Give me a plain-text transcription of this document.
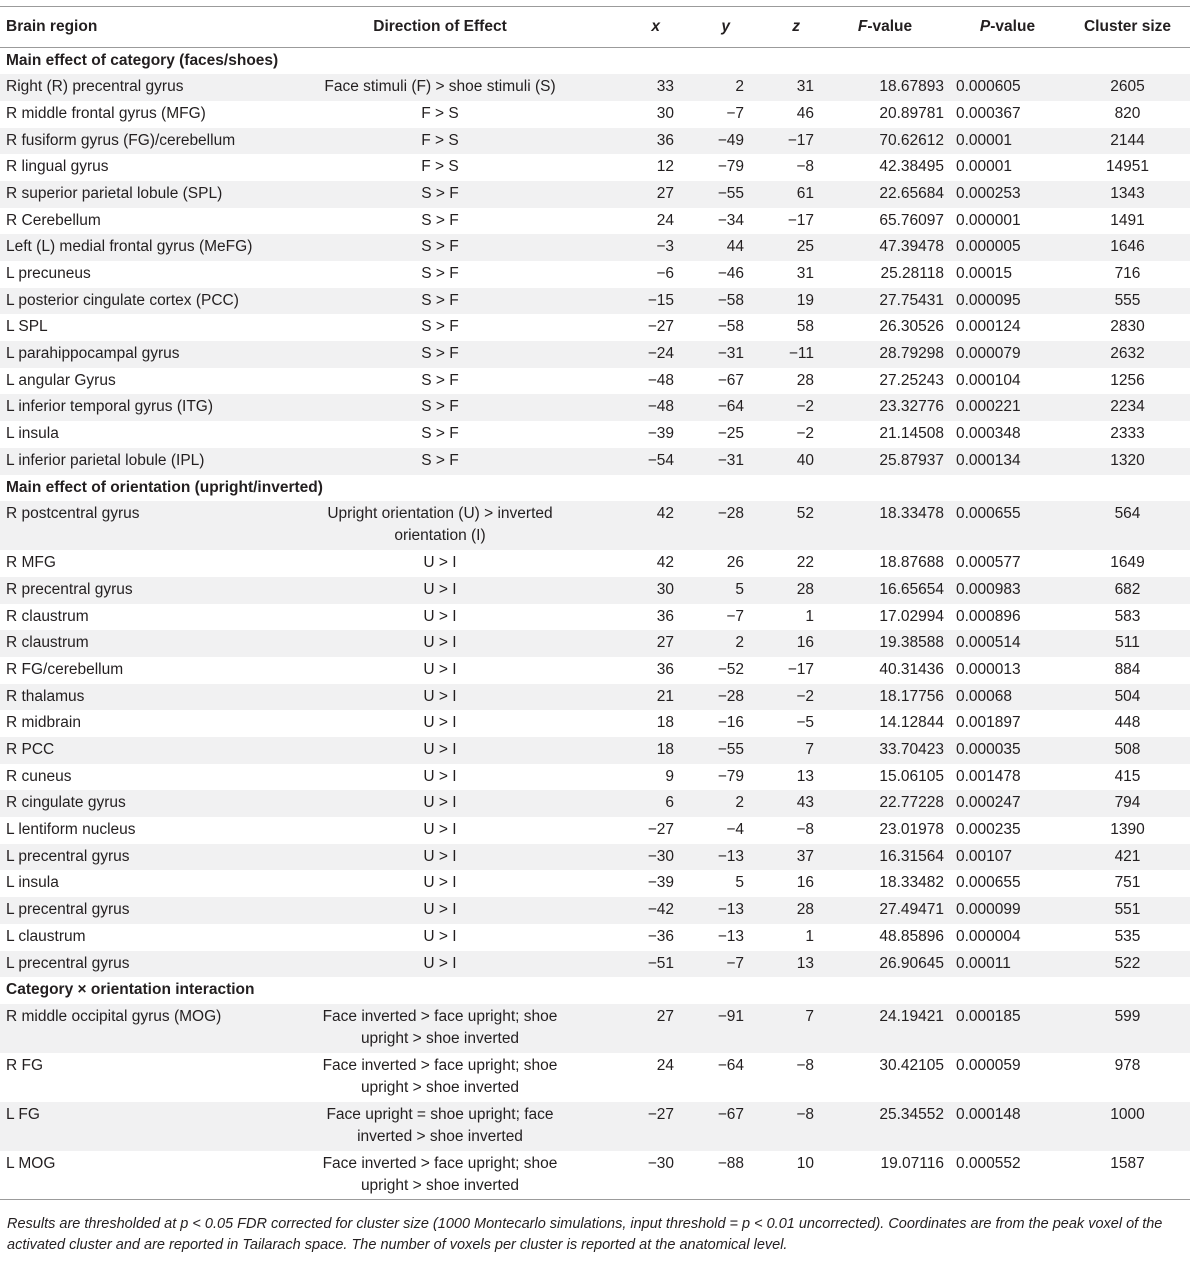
Brain region	Direction of Effect	x	y	z	F-value	P-value	Cluster size
Main effect of category (faces/shoes)							
Right (R) precentral gyrus	Face stimuli (F) > shoe stimuli (S)	33	2	31	18.67893	0.000605	2605
R middle frontal gyrus (MFG)	F > S	30	−7	46	20.89781	0.000367	820
R fusiform gyrus (FG)/cerebellum	F > S	36	−49	−17	70.62612	0.00001	2144
R lingual gyrus	F > S	12	−79	−8	42.38495	0.00001	14951
R superior parietal lobule (SPL)	S > F	27	−55	61	22.65684	0.000253	1343
R Cerebellum	S > F	24	−34	−17	65.76097	0.000001	1491
Left (L) medial frontal gyrus (MeFG)	S > F	−3	44	25	47.39478	0.000005	1646
L precuneus	S > F	−6	−46	31	25.28118	0.00015	716
L posterior cingulate cortex (PCC)	S > F	−15	−58	19	27.75431	0.000095	555
L SPL	S > F	−27	−58	58	26.30526	0.000124	2830
L parahippocampal gyrus	S > F	−24	−31	−11	28.79298	0.000079	2632
L angular Gyrus	S > F	−48	−67	28	27.25243	0.000104	1256
L inferior temporal gyrus (ITG)	S > F	−48	−64	−2	23.32776	0.000221	2234
L insula	S > F	−39	−25	−2	21.14508	0.000348	2333
L inferior parietal lobule (IPL)	S > F	−54	−31	40	25.87937	0.000134	1320
Main effect of orientation (upright/inverted)							
R postcentral gyrus	Upright orientation (U) > inverted orientation (I)	42	−28	52	18.33478	0.000655	564
R MFG	U > I	42	26	22	18.87688	0.000577	1649
R precentral gyrus	U > I	30	5	28	16.65654	0.000983	682
R claustrum	U > I	36	−7	1	17.02994	0.000896	583
R claustrum	U > I	27	2	16	19.38588	0.000514	511
R FG/cerebellum	U > I	36	−52	−17	40.31436	0.000013	884
R thalamus	U > I	21	−28	−2	18.17756	0.00068	504
R midbrain	U > I	18	−16	−5	14.12844	0.001897	448
R PCC	U > I	18	−55	7	33.70423	0.000035	508
R cuneus	U > I	9	−79	13	15.06105	0.001478	415
R cingulate gyrus	U > I	6	2	43	22.77228	0.000247	794
L lentiform nucleus	U > I	−27	−4	−8	23.01978	0.000235	1390
L precentral gyrus	U > I	−30	−13	37	16.31564	0.00107	421
L insula	U > I	−39	5	16	18.33482	0.000655	751
L precentral gyrus	U > I	−42	−13	28	27.49471	0.000099	551
L claustrum	U > I	−36	−13	1	48.85896	0.000004	535
L precentral gyrus	U > I	−51	−7	13	26.90645	0.00011	522
Category × orientation interaction							
R middle occipital gyrus (MOG)	Face inverted > face upright; shoe upright > shoe inverted	27	−91	7	24.19421	0.000185	599
R FG	Face inverted > face upright; shoe upright > shoe inverted	24	−64	−8	30.42105	0.000059	978
L FG	Face upright = shoe upright; face inverted > shoe inverted	−27	−67	−8	25.34552	0.000148	1000
L MOG	Face inverted > face upright; shoe upright > shoe inverted	−30	−88	10	19.07116	0.000552	1587
Results are thresholded at p < 0.05 FDR corrected for cluster size (1000 Montecarlo simulations, input threshold = p < 0.01 uncorrected). Coordinates are from the peak voxel of the activated cluster and are reported in Tailarach space. The number of voxels per cluster is reported at the anatomical level.
